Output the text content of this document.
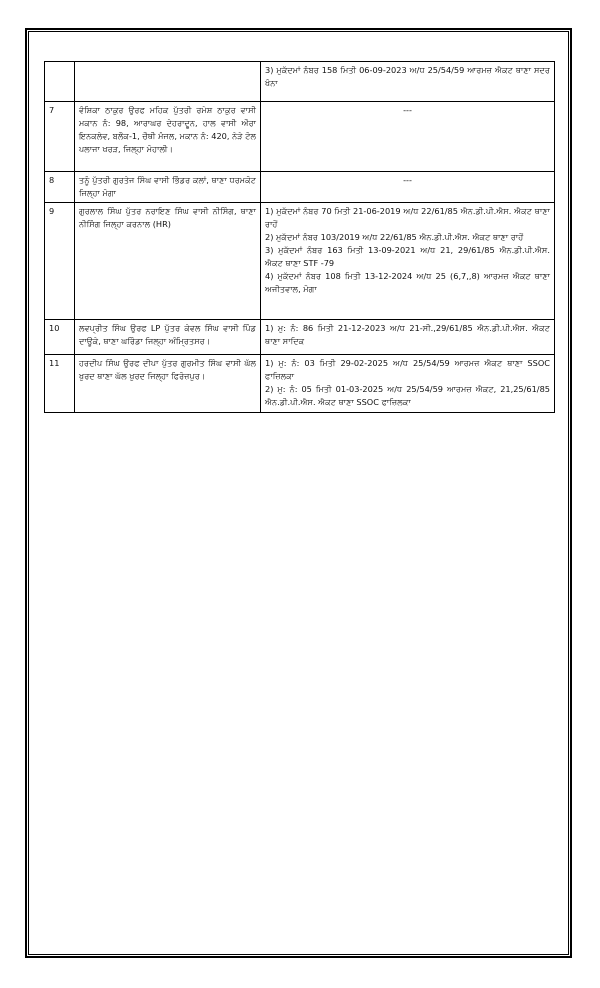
		3) ਮੁਕੱਦਮਾਂ ਨੰਬਰ 158 ਮਿਤੀ 06-09-2023 ਅ/ਧ 25/54/59 ਆਰਮਜ਼ ਐਕਟ ਥਾਣਾ ਸਦਰ ਖੰਨਾ

7	ਵੰਸ਼ਿਕਾ ਠਾਕੁਰ ਉਰਫ ਮਹਿਕ ਪੁੱਤਰੀ ਰਮੇਸ਼ ਠਾਕੁਰ ਵਾਸੀ ਮਕਾਨ ਨੰ: 98, ਆਰਾਘਰ ਦੇਹਰਾਦੂਨ, ਹਾਲ ਵਾਸੀ ਔਰਾ ਇਨਕਲੇਵ, ਬਲੌਕ-1, ਚੌਥੀ ਮੰਜਲ, ਮਕਾਨ ਨੰ: 420, ਨੇੜੇ ਟੋਲ ਪਲਾਜਾ ਖਰੜ, ਜਿਲ੍ਹਾ ਮੋਹਾਲੀ।	---

8	ਤਨੂੰ ਪੁੱਤਰੀ ਗੁਰਤੇਜ ਸਿੰਘ ਵਾਸੀ ਭਿੰਡਰ ਕਲਾਂ, ਥਾਣਾ ਧਰਮਕੋਟ ਜਿਲ੍ਹਾ ਮੋਗਾ	---

9	ਗੁਰਲਾਲ ਸਿੰਘ ਪੁੱਤਰ ਨਰਾਇਣ ਸਿੰਘ ਵਾਸੀ ਨੀਸਿੰਗ, ਥਾਣਾ ਨੀਸਿੰਗ ਜਿਲ੍ਹਾ ਕਰਨਾਲ (HR)	1) ਮੁਕੱਦਮਾਂ ਨੰਬਰ 70 ਮਿਤੀ 21-06-2019 ਅ/ਧ 22/61/85 ਐਨ.ਡੀ.ਪੀ.ਐਸ. ਐਕਟ ਥਾਣਾ ਰਾਹੋਂ
2) ਮੁਕੱਦਮਾਂ ਨੰਬਰ 103/2019 ਅ/ਧ 22/61/85 ਐਨ.ਡੀ.ਪੀ.ਐਸ. ਐਕਟ ਥਾਣਾ ਰਾਹੋਂ
3) ਮੁਕੱਦਮਾਂ ਨੰਬਰ 163 ਮਿਤੀ 13-09-2021 ਅ/ਧ 21, 29/61/85 ਐਨ.ਡੀ.ਪੀ.ਐਸ. ਐਕਟ ਥਾਣਾ STF -79
4) ਮੁਕੱਦਮਾਂ ਨੰਬਰ 108 ਮਿਤੀ 13-12-2024 ਅ/ਧ 25 (6,7,,8) ਆਰਮਜ਼ ਐਕਟ ਥਾਣਾ ਅਜੀਤਵਾਲ, ਮੋਗਾ

10	ਲਵਪ੍ਰੀਤ ਸਿੰਘ ਉਰਫ LP ਪੁੱਤਰ ਕੇਵਲ ਸਿੰਘ ਵਾਸੀ ਪਿੰਡ ਦਾਊਕੇ, ਥਾਣਾ ਘਰਿੰਡਾ ਜਿਲ੍ਹਾ ਅੰਮ੍ਰਿਤਸਰ।	1) ਮੁ: ਨੰ: 86 ਮਿਤੀ 21-12-2023 ਅ/ਧ 21-ਸੀ.,29/61/85 ਐਨ.ਡੀ.ਪੀ.ਐਸ. ਐਕਟ ਥਾਣਾ ਸਾਦਿਕ

11	ਹਰਦੀਪ ਸਿੰਘ ਉਰਫ ਦੀਪਾ ਪੁੱਤਰ ਗੁਰਮੀਤ ਸਿੰਘ ਵਾਸੀ ਘੱਲ ਖੁਰਦ ਥਾਣਾ ਘੱਲ ਖੁਰਦ ਜਿਲ੍ਹਾ ਫਿਰੋਜ਼ਪੁਰ।	1) ਮੁ: ਨੰ: 03 ਮਿਤੀ 29-02-2025 ਅ/ਧ 25/54/59 ਆਰਮਜ਼ ਐਕਟ ਥਾਣਾ SSOC ਫਾਜ਼ਿਲਕਾ
2) ਮੁ: ਨੰ: 05 ਮਿਤੀ 01-03-2025 ਅ/ਧ 25/54/59 ਆਰਮਜ਼ ਐਕਟ, 21,25/61/85 ਐਨ.ਡੀ.ਪੀ.ਐਸ. ਐਕਟ ਥਾਣਾ SSOC ਫਾਜ਼ਿਲਕਾ
